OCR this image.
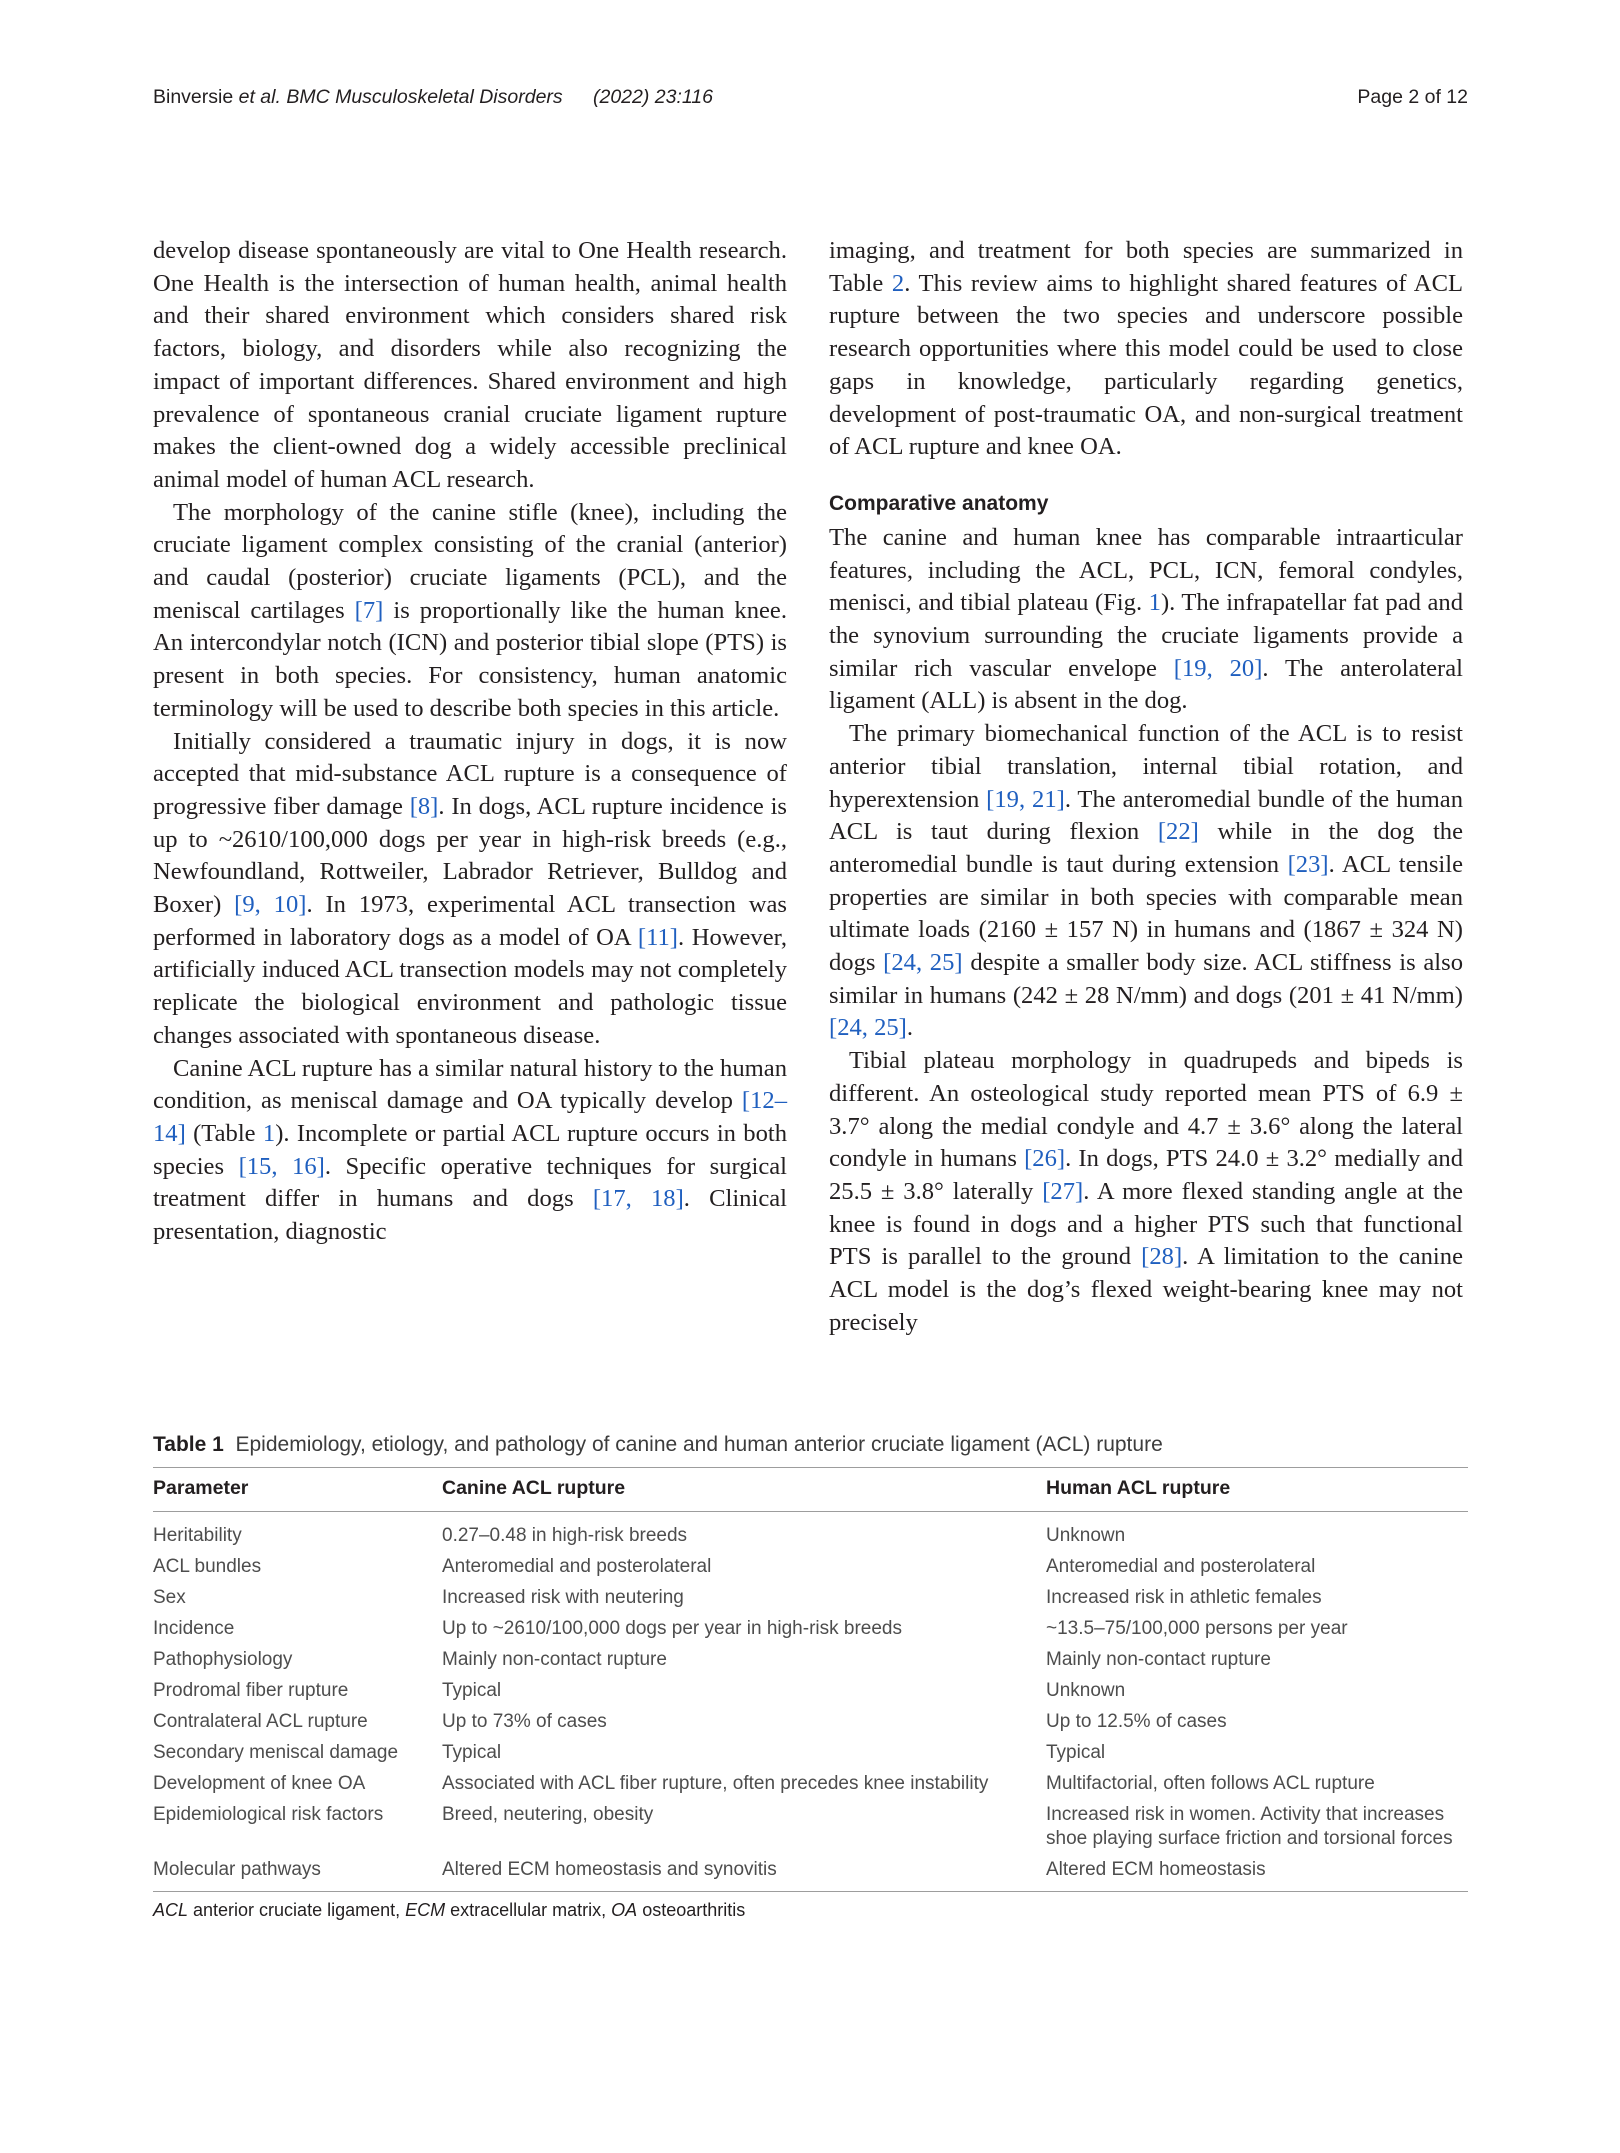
Binversie et al. BMC Musculoskeletal Disorders (2022) 23:116	Page 2 of 12

develop disease spontaneously are vital to One Health research. One Health is the intersection of human health, animal health and their shared environment which considers shared risk factors, biology, and disorders while also recognizing the impact of important differences. Shared environment and high prevalence of spontaneous cranial cruciate ligament rupture makes the client-owned dog a widely accessible preclinical animal model of human ACL research.

The morphology of the canine stifle (knee), including the cruciate ligament complex consisting of the cranial (anterior) and caudal (posterior) cruciate ligaments (PCL), and the meniscal cartilages [7] is proportionally like the human knee. An intercondylar notch (ICN) and posterior tibial slope (PTS) is present in both species. For consistency, human anatomic terminology will be used to describe both species in this article.

Initially considered a traumatic injury in dogs, it is now accepted that mid-substance ACL rupture is a consequence of progressive fiber damage [8]. In dogs, ACL rupture incidence is up to ~2610/100,000 dogs per year in high-risk breeds (e.g., Newfoundland, Rottweiler, Labrador Retriever, Bulldog and Boxer) [9, 10]. In 1973, experimental ACL transection was performed in laboratory dogs as a model of OA [11]. However, artificially induced ACL transection models may not completely replicate the biological environment and pathologic tissue changes associated with spontaneous disease.

Canine ACL rupture has a similar natural history to the human condition, as meniscal damage and OA typically develop [12–14] (Table 1). Incomplete or partial ACL rupture occurs in both species [15, 16]. Specific operative techniques for surgical treatment differ in humans and dogs [17, 18]. Clinical presentation, diagnostic

imaging, and treatment for both species are summarized in Table 2. This review aims to highlight shared features of ACL rupture between the two species and underscore possible research opportunities where this model could be used to close gaps in knowledge, particularly regarding genetics, development of post-traumatic OA, and non-surgical treatment of ACL rupture and knee OA.

Comparative anatomy

The canine and human knee has comparable intraarticular features, including the ACL, PCL, ICN, femoral condyles, menisci, and tibial plateau (Fig. 1). The infrapatellar fat pad and the synovium surrounding the cruciate ligaments provide a similar rich vascular envelope [19, 20]. The anterolateral ligament (ALL) is absent in the dog.

The primary biomechanical function of the ACL is to resist anterior tibial translation, internal tibial rotation, and hyperextension [19, 21]. The anteromedial bundle of the human ACL is taut during flexion [22] while in the dog the anteromedial bundle is taut during extension [23]. ACL tensile properties are similar in both species with comparable mean ultimate loads (2160 ± 157 N) in humans and (1867 ± 324 N) dogs [24, 25] despite a smaller body size. ACL stiffness is also similar in humans (242 ± 28 N/mm) and dogs (201 ± 41 N/mm) [24, 25].

Tibial plateau morphology in quadrupeds and bipeds is different. An osteological study reported mean PTS of 6.9 ± 3.7° along the medial condyle and 4.7 ± 3.6° along the lateral condyle in humans [26]. In dogs, PTS 24.0 ± 3.2° medially and 25.5 ± 3.8° laterally [27]. A more flexed standing angle at the knee is found in dogs and a higher PTS such that functional PTS is parallel to the ground [28]. A limitation to the canine ACL model is the dog’s flexed weight-bearing knee may not precisely

Table 1 Epidemiology, etiology, and pathology of canine and human anterior cruciate ligament (ACL) rupture
Parameter	Canine ACL rupture	Human ACL rupture
Heritability	0.27–0.48 in high-risk breeds	Unknown
ACL bundles	Anteromedial and posterolateral	Anteromedial and posterolateral
Sex	Increased risk with neutering	Increased risk in athletic females
Incidence	Up to ~2610/100,000 dogs per year in high-risk breeds	~13.5–75/100,000 persons per year
Pathophysiology	Mainly non-contact rupture	Mainly non-contact rupture
Prodromal fiber rupture	Typical	Unknown
Contralateral ACL rupture	Up to 73% of cases	Up to 12.5% of cases
Secondary meniscal damage	Typical	Typical
Development of knee OA	Associated with ACL fiber rupture, often precedes knee instability	Multifactorial, often follows ACL rupture
Epidemiological risk factors	Breed, neutering, obesity	Increased risk in women. Activity that increases shoe playing surface friction and torsional forces
Molecular pathways	Altered ECM homeostasis and synovitis	Altered ECM homeostasis
ACL anterior cruciate ligament, ECM extracellular matrix, OA osteoarthritis
